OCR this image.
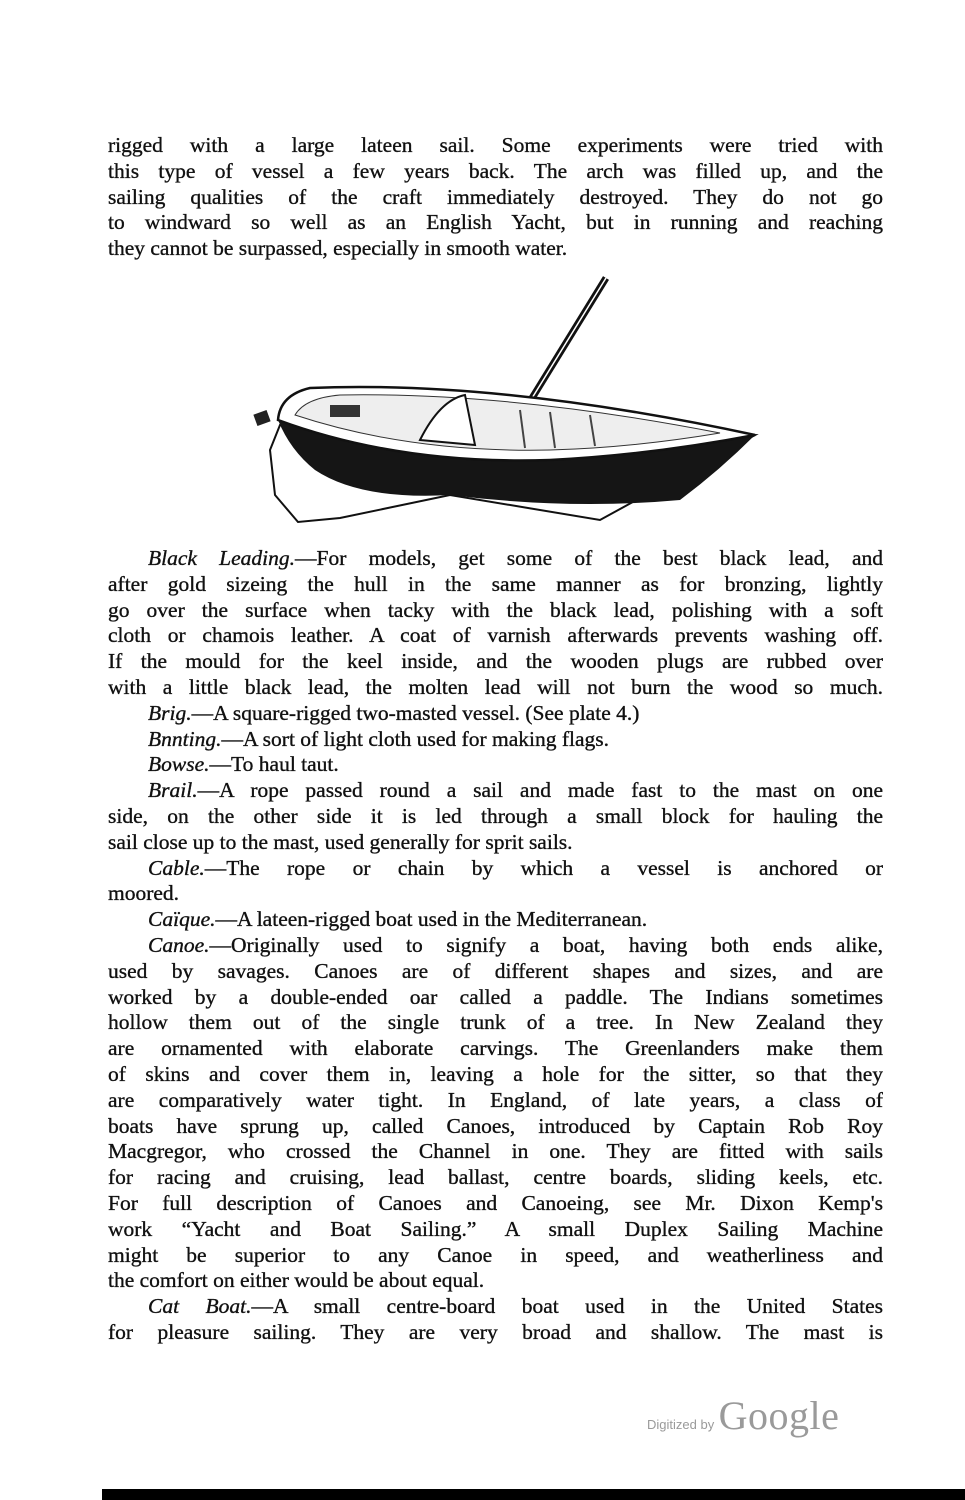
rigged with a large lateen sail. Some experiments were tried with
this type of vessel a few years back. The arch was filled up, and the
sailing qualities of the craft immediately destroyed. They do not go
to windward so well as an English Yacht, but in running and reaching
they cannot be surpassed, especially in smooth water.
Black Leading.—For models, get some of the best black lead, and
after gold sizeing the hull in the same manner as for bronzing, lightly
go over the surface when tacky with the black lead, polishing with a soft
cloth or chamois leather. A coat of varnish afterwards prevents washing off.
If the mould for the keel inside, and the wooden plugs are rubbed over
with a little black lead, the molten lead will not burn the wood so much.
Brig.—A square-rigged two-masted vessel. (See plate 4.)
Bnnting.—A sort of light cloth used for making flags.
Bowse.—To haul taut.
Brail.—A rope passed round a sail and made fast to the mast on one
side, on the other side it is led through a small block for hauling the
sail close up to the mast, used generally for sprit sails.
Cable.—The rope or chain by which a vessel is anchored or
moored.
Caïque.—A lateen-rigged boat used in the Mediterranean.
Canoe.—Originally used to signify a boat, having both ends alike,
used by savages. Canoes are of different shapes and sizes, and are
worked by a double-ended oar called a paddle. The Indians sometimes
hollow them out of the single trunk of a tree. In New Zealand they
are ornamented with elaborate carvings. The Greenlanders make them
of skins and cover them in, leaving a hole for the sitter, so that they
are comparatively water tight. In England, of late years, a class of
boats have sprung up, called Canoes, introduced by Captain Rob Roy
Macgregor, who crossed the Channel in one. They are fitted with sails
for racing and cruising, lead ballast, centre boards, sliding keels, etc.
For full description of Canoes and Canoeing, see Mr. Dixon Kemp's
work “Yacht and Boat Sailing.” A small Duplex Sailing Machine
might be superior to any Canoe in speed, and weatherliness and
the comfort on either would be about equal.
Cat Boat.—A small centre-board boat used in the United States
for pleasure sailing. They are very broad and shallow. The mast is
Digitized by Google
